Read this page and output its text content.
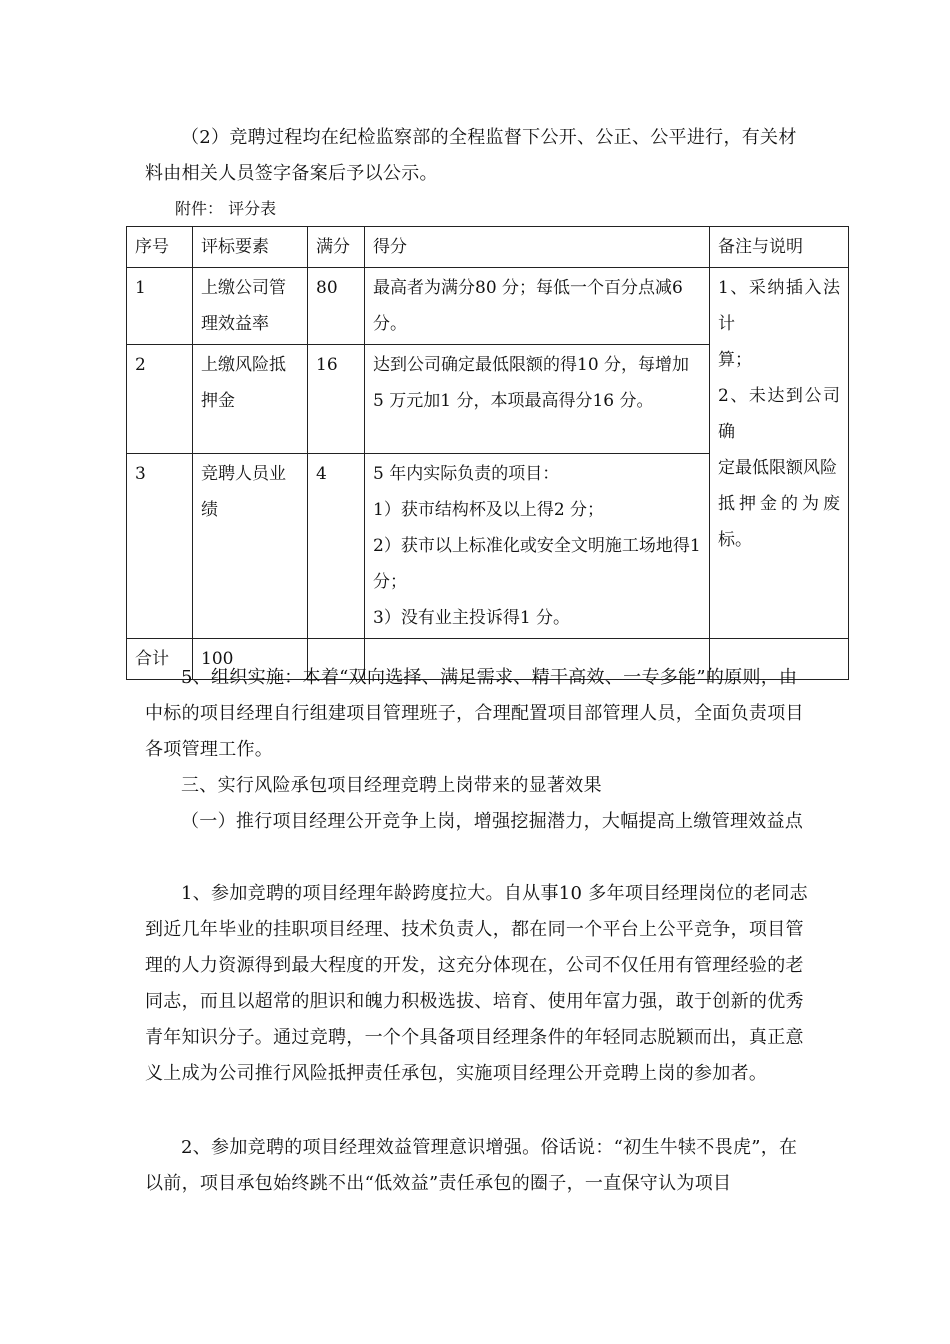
（2）竞聘过程均在纪检监察部的全程监督下公开、公正、公平进行，有关材料由相关人员签字备案后予以公示。

附件： 评分表
序号	评标要素	满分	得分	备注与说明
1	上缴公司管理效益率	80	最高者为满分80 分；每低一个百分点减6分。	1、采纳插入法计
算；
2、未达到公司确
定最低限额风险
抵押金的为废标。

2	上缴风险抵押金	16	达到公司确定最低限额的得10 分，每增加
5 万元加1 分，本项最高得分16 分。	

3	竞聘人员业绩	4	5 年内实际负责的项目：
1）获市结构杯及以上得2 分；
2）获市以上标准化或安全文明施工场地得1 分；
3）没有业主投诉得1 分。	

合计	100			

5、组织实施：本着“双向选择、满足需求、精干高效、一专多能”的原则，由中标的项目经理自行组建项目管理班子，合理配置项目部管理人员，全面负责项目各项管理工作。

三、实行风险承包项目经理竞聘上岗带来的显著效果

（一）推行项目经理公开竞争上岗，增强挖掘潜力，大幅提高上缴管理效益点

1、参加竞聘的项目经理年龄跨度拉大。自从事10 多年项目经理岗位的老同志到近几年毕业的挂职项目经理、技术负责人，都在同一个平台上公平竞争，项目管理的人力资源得到最大程度的开发，这充分体现在，公司不仅任用有管理经验的老同志，而且以超常的胆识和魄力积极选拔、培育、使用年富力强，敢于创新的优秀青年知识分子。通过竞聘，一个个具备项目经理条件的年轻同志脱颖而出，真正意义上成为公司推行风险抵押责任承包，实施项目经理公开竞聘上岗的参加者。

2、参加竞聘的项目经理效益管理意识增强。俗话说：“初生牛犊不畏虎”，在以前，项目承包始终跳不出“低效益”责任承包的圈子，一直保守认为项目
